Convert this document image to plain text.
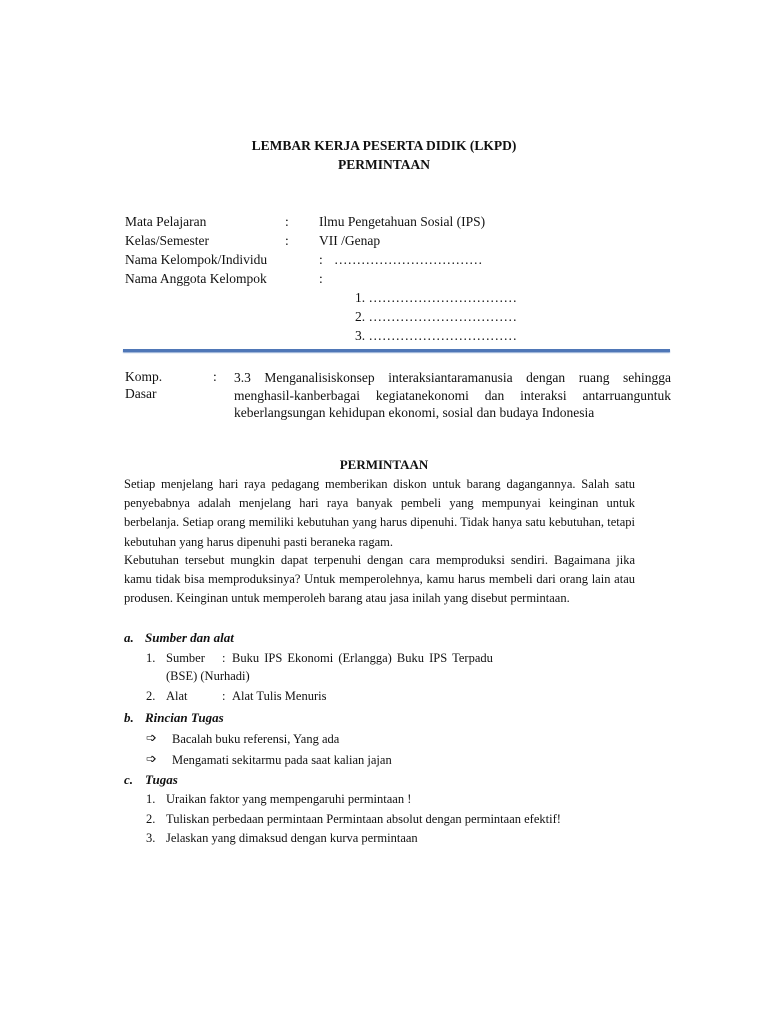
LEMBAR KERJA PESERTA DIDIK (LKPD)
PERMINTAAN
Mata Pelajaran	: Ilmu Pengetahuan Sosial (IPS)
Kelas/Semester	: VII /Genap
Nama Kelompok/Individu	: ……………………………
Nama Anggota Kelompok	:
1. ……………………………
2. ……………………………
3. ……………………………
Komp.
Dasar
: 3.3 Menganalisiskonsep interaksiantaramanusia dengan ruang sehingga menghasil-kanberbagai kegiatanekonomi dan interaksi antarruanguntuk keberlangsungan kehidupan ekonomi, sosial dan budaya Indonesia
PERMINTAAN
Setiap menjelang hari raya pedagang memberikan diskon untuk barang dagangannya. Salah satu penyebabnya adalah menjelang hari raya banyak pembeli yang mempunyai keinginan untuk berbelanja. Setiap orang memiliki kebutuhan yang harus dipenuhi. Tidak hanya satu kebutuhan, tetapi kebutuhan yang harus dipenuhi pasti beraneka ragam.
Kebutuhan tersebut mungkin dapat terpenuhi dengan cara memproduksi sendiri. Bagaimana jika kamu tidak bisa memproduksinya? Untuk memperolehnya, kamu harus membeli dari orang lain atau produsen. Keinginan untuk memperoleh barang atau jasa inilah yang disebut permintaan.
a. Sumber dan alat
1. Sumber : Buku IPS Ekonomi (Erlangga) Buku IPS Terpadu
(BSE) (Nurhadi)
2. Alat	: Alat Tulis Menuris
b. Rincian Tugas
➩ Bacalah buku referensi, Yang ada
➩ Mengamati sekitarmu pada saat kalian jajan
c. Tugas
1. Uraikan faktor yang mempengaruhi permintaan !
2. Tuliskan perbedaan permintaan Permintaan absolut dengan permintaan efektif!
3. Jelaskan yang dimaksud dengan kurva permintaan
